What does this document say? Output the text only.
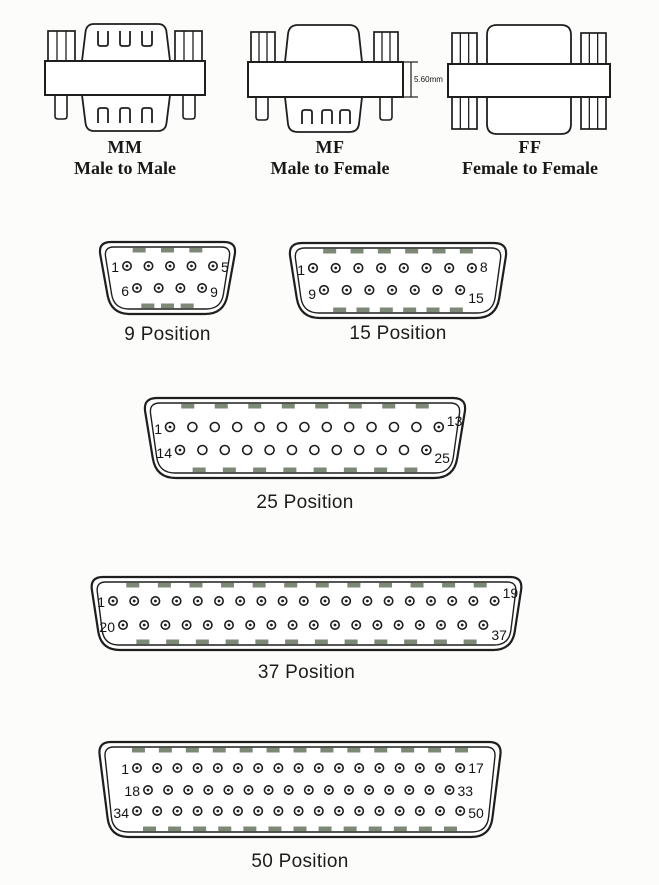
MM
Male to Male
5.60mm
MF
Male to Female
FF
Female to Female
1	5
6	9
9 Position
1	8
9	15
15 Position
1	13
14	25
25 Position
1
19
20	37
37 Position
1	17
18	33
34	50
50 Position
